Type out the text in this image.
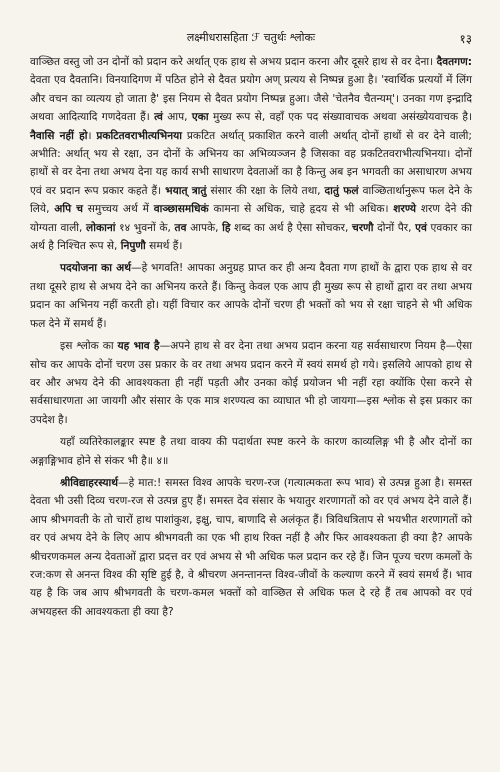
लक्ष्मीधरासहिता ℱ चतुर्थः श्लोकः	१३

वाञ्छित वस्तु जो उन दोनों को प्रदान करे अर्थात् एक हाथ से अभय प्रदान करना और दूसरे हाथ से वर देना। दैवतगण: देवता एव दैवतानि। विनयादिगण में पठित होने से दैवत प्रयोग अण् प्रत्यय से निष्पन्न हुआ है। 'स्वार्थिक प्रत्ययों में लिंग और वचन का व्यत्यय हो जाता है' इस नियम से दैवत प्रयोग निष्पन्न हुआ। जैसे 'चेतनैव चैतन्यम्'। उनका गण इन्द्रादि अथवा आदित्यादि गणदेवता हैं। त्वं आप, एका मुख्य रूप से, वहाँ एक पद संख्यावाचक अथवा असंख्येयवाचक है। नैवासि नहीं हो। प्रकटितवराभीत्यभिनया प्रकटित अर्थात् प्रकाशित करने वाली अर्थात् दोनों हाथों से वर देने वाली; अभीति: अर्थात् भय से रक्षा, उन दोनों के अभिनय का अभिव्यञ्जन है जिसका वह प्रकटितवराभीत्यभिनया। दोनों हाथों से वर देना तथा अभय देना यह कार्य सभी साधारण देवताओं का है किन्तु अब इन भगवती का असाधारण अभय एवं वर प्रदान रूप प्रकार कहते हैं। भयात् त्रातुं संसार की रक्षा के लिये तथा, दातुं फलं वाञ्छितार्थानुरूप फल देने के लिये, अपि च समुच्चय अर्थ में वाञ्छासमधिकं कामना से अधिक, चाहे हृदय से भी अधिक। शरण्ये शरण देने की योग्यता वाली, लोकानां १४ भुवनों के, तव आपके, हि शब्द का अर्थ है ऐसा सोचकर, चरणौ दोनों पैर, एवं एवकार का अर्थ है निश्चित रूप से, निपुणौ समर्थ हैं।

पदयोजना का अर्थ—हे भगवति! आपका अनुग्रह प्राप्त कर ही अन्य दैवता गण हाथों के द्वारा एक हाथ से वर तथा दूसरे हाथ से अभय देने का अभिनय करते हैं। किन्तु केवल एक आप ही मुख्य रूप से हाथों द्वारा वर तथा अभय प्रदान का अभिनय नहीं करती हो। यहीं विचार कर आपके दोनों चरण ही भक्तों को भय से रक्षा चाहने से भी अधिक फल देने में समर्थ हैं।

इस श्लोक का यह भाव है—अपने हाथ से वर देना तथा अभय प्रदान करना यह सर्वसाधारण नियम है—ऐसा सोच कर आपके दोनों चरण उस प्रकार के वर तथा अभय प्रदान करने में स्वयं समर्थ हो गये। इसलिये आपको हाथ से वर और अभय देने की आवश्यकता ही नहीं पड़ती और उनका कोई प्रयोजन भी नहीं रहा क्योंकि ऐसा करने से सर्वसाधारणता आ जायगी और संसार के एक मात्र शरण्यत्व का व्याघात भी हो जायगा—इस श्लोक से इस प्रकार का उपदेश है।

यहाँ व्यतिरेकालङ्कार स्पष्ट है तथा वाक्य की पदार्थता स्पष्ट करने के कारण काव्यलिङ्ग भी है और दोनों का अङ्गाङ्गिभाव होने से संकर भी है॥ ४॥

श्रीविद्याहरस्यार्थ—हे मात:! समस्त विश्व आपके चरण-रज (गत्यात्मकता रूप भाव) से उत्पन्न हुआ है। समस्त देवता भी उसी दिव्य चरण-रज से उत्पन्न हुए हैं। समस्त देव संसार के भयातुर शरणागतों को वर एवं अभय देने वाले हैं। आप श्रीभगवती के तो चारों हाथ पाशांकुश, इक्षु, चाप, बाणादि से अलंकृत हैं। त्रिविधत्रिताप से भयभीत शरणागतों को वर एवं अभय देने के लिए आप श्रीभगवती का एक भी हाथ रिक्त नहीं है और फिर आवश्यकता ही क्या है? आपके श्रीचरणकमल अन्य देवताओं द्वारा प्रदत्त वर एवं अभय से भी अधिक फल प्रदान कर रहे हैं। जिन पूज्य चरण कमलों के रज:कण से अनन्त विश्व की सृष्टि हुई है, वे श्रीचरण अनन्तानन्त विश्व-जीवों के कल्याण करने में स्वयं समर्थ हैं। भाव यह है कि जब आप श्रीभगवती के चरण-कमल भक्तों को वाञ्छित से अधिक फल दे रहे हैं तब आपको वर एवं अभयहस्त की आवश्यकता ही क्या है?
